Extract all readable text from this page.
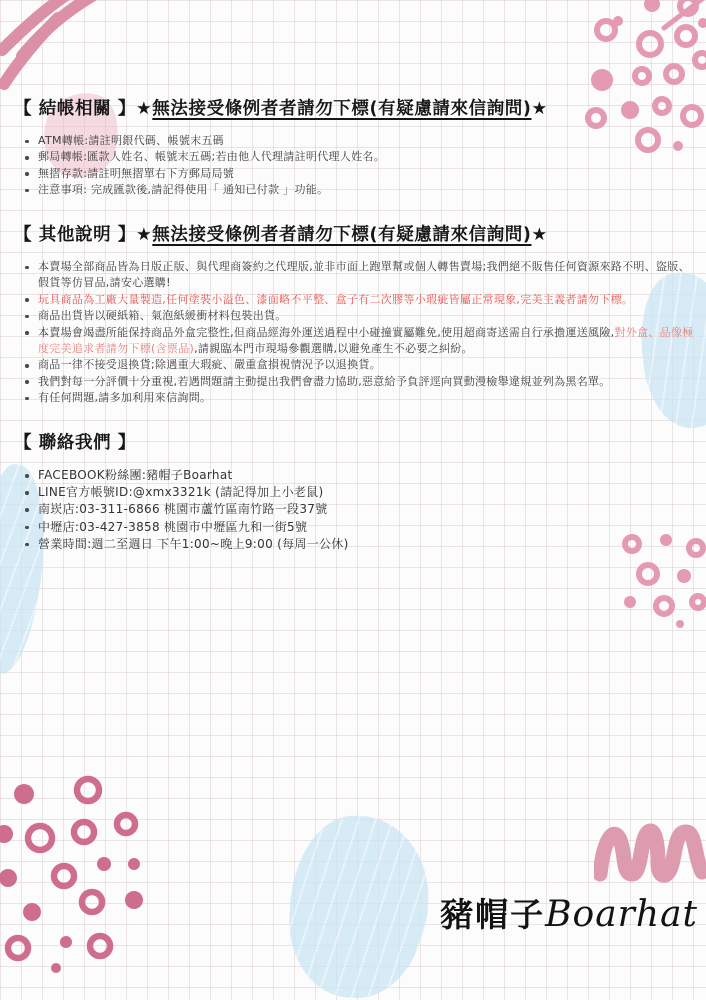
【 結帳相關 】★無法接受條例者者請勿下標(有疑慮請來信詢問)★
ATM轉帳:請註明銀代碼、帳號末五碼
郵局轉帳:匯款人姓名、帳號末五碼;若由他人代理請註明代理人姓名。
無摺存款:請註明無摺單右下方郵局局號
注意事項: 完成匯款後,請記得使用「 通知已付款 」功能。
【 其他說明 】★無法接受條例者者請勿下標(有疑慮請來信詢問)★
本賣場全部商品皆為日版正版、與代理商簽約之代理版,並非市面上跑單幫或個人轉售賣場;我們絕不販售任何資源來路不明、盜版、假貨等仿冒品,請安心選購!
玩具商品為工廠大量製造,任何塗裝小溢色、漆面略不平整、盒子有二次膠等小瑕疵皆屬正常現象,完美主義者請勿下標。
商品出貨皆以硬紙箱、氣泡紙緩衝材料包裝出貨。
本賣場會竭盡所能保持商品外盒完整性,但商品經海外運送過程中小碰撞實屬難免,使用超商寄送需自行承擔運送風險,對外盒、品像極度完美追求者請勿下標(含票品),請親臨本門市現場參觀選購,以避免產生不必要之糾紛。
商品一律不接受退換貨;除遇重大瑕疵、嚴重盒損視情況予以退換貨。
我們對每一分評價十分重視,若遇問題請主動提出我們會盡力協助,惡意給予負評逕向買動漫檢舉違規並列為黑名單。
有任何問題,請多加利用來信詢問。
【 聯絡我們 】
FACEBOOK粉絲團:豬帽子Boarhat
LINE官方帳號ID:@xmx3321k (請記得加上小老鼠)
南崁店:03-311-6866 桃園市蘆竹區南竹路一段37號
中壢店:03-427-3858 桃園市中壢區九和一街5號
營業時間:週二至週日 下午1:00~晚上9:00 (每周一公休)
豬帽子 Boarhat
